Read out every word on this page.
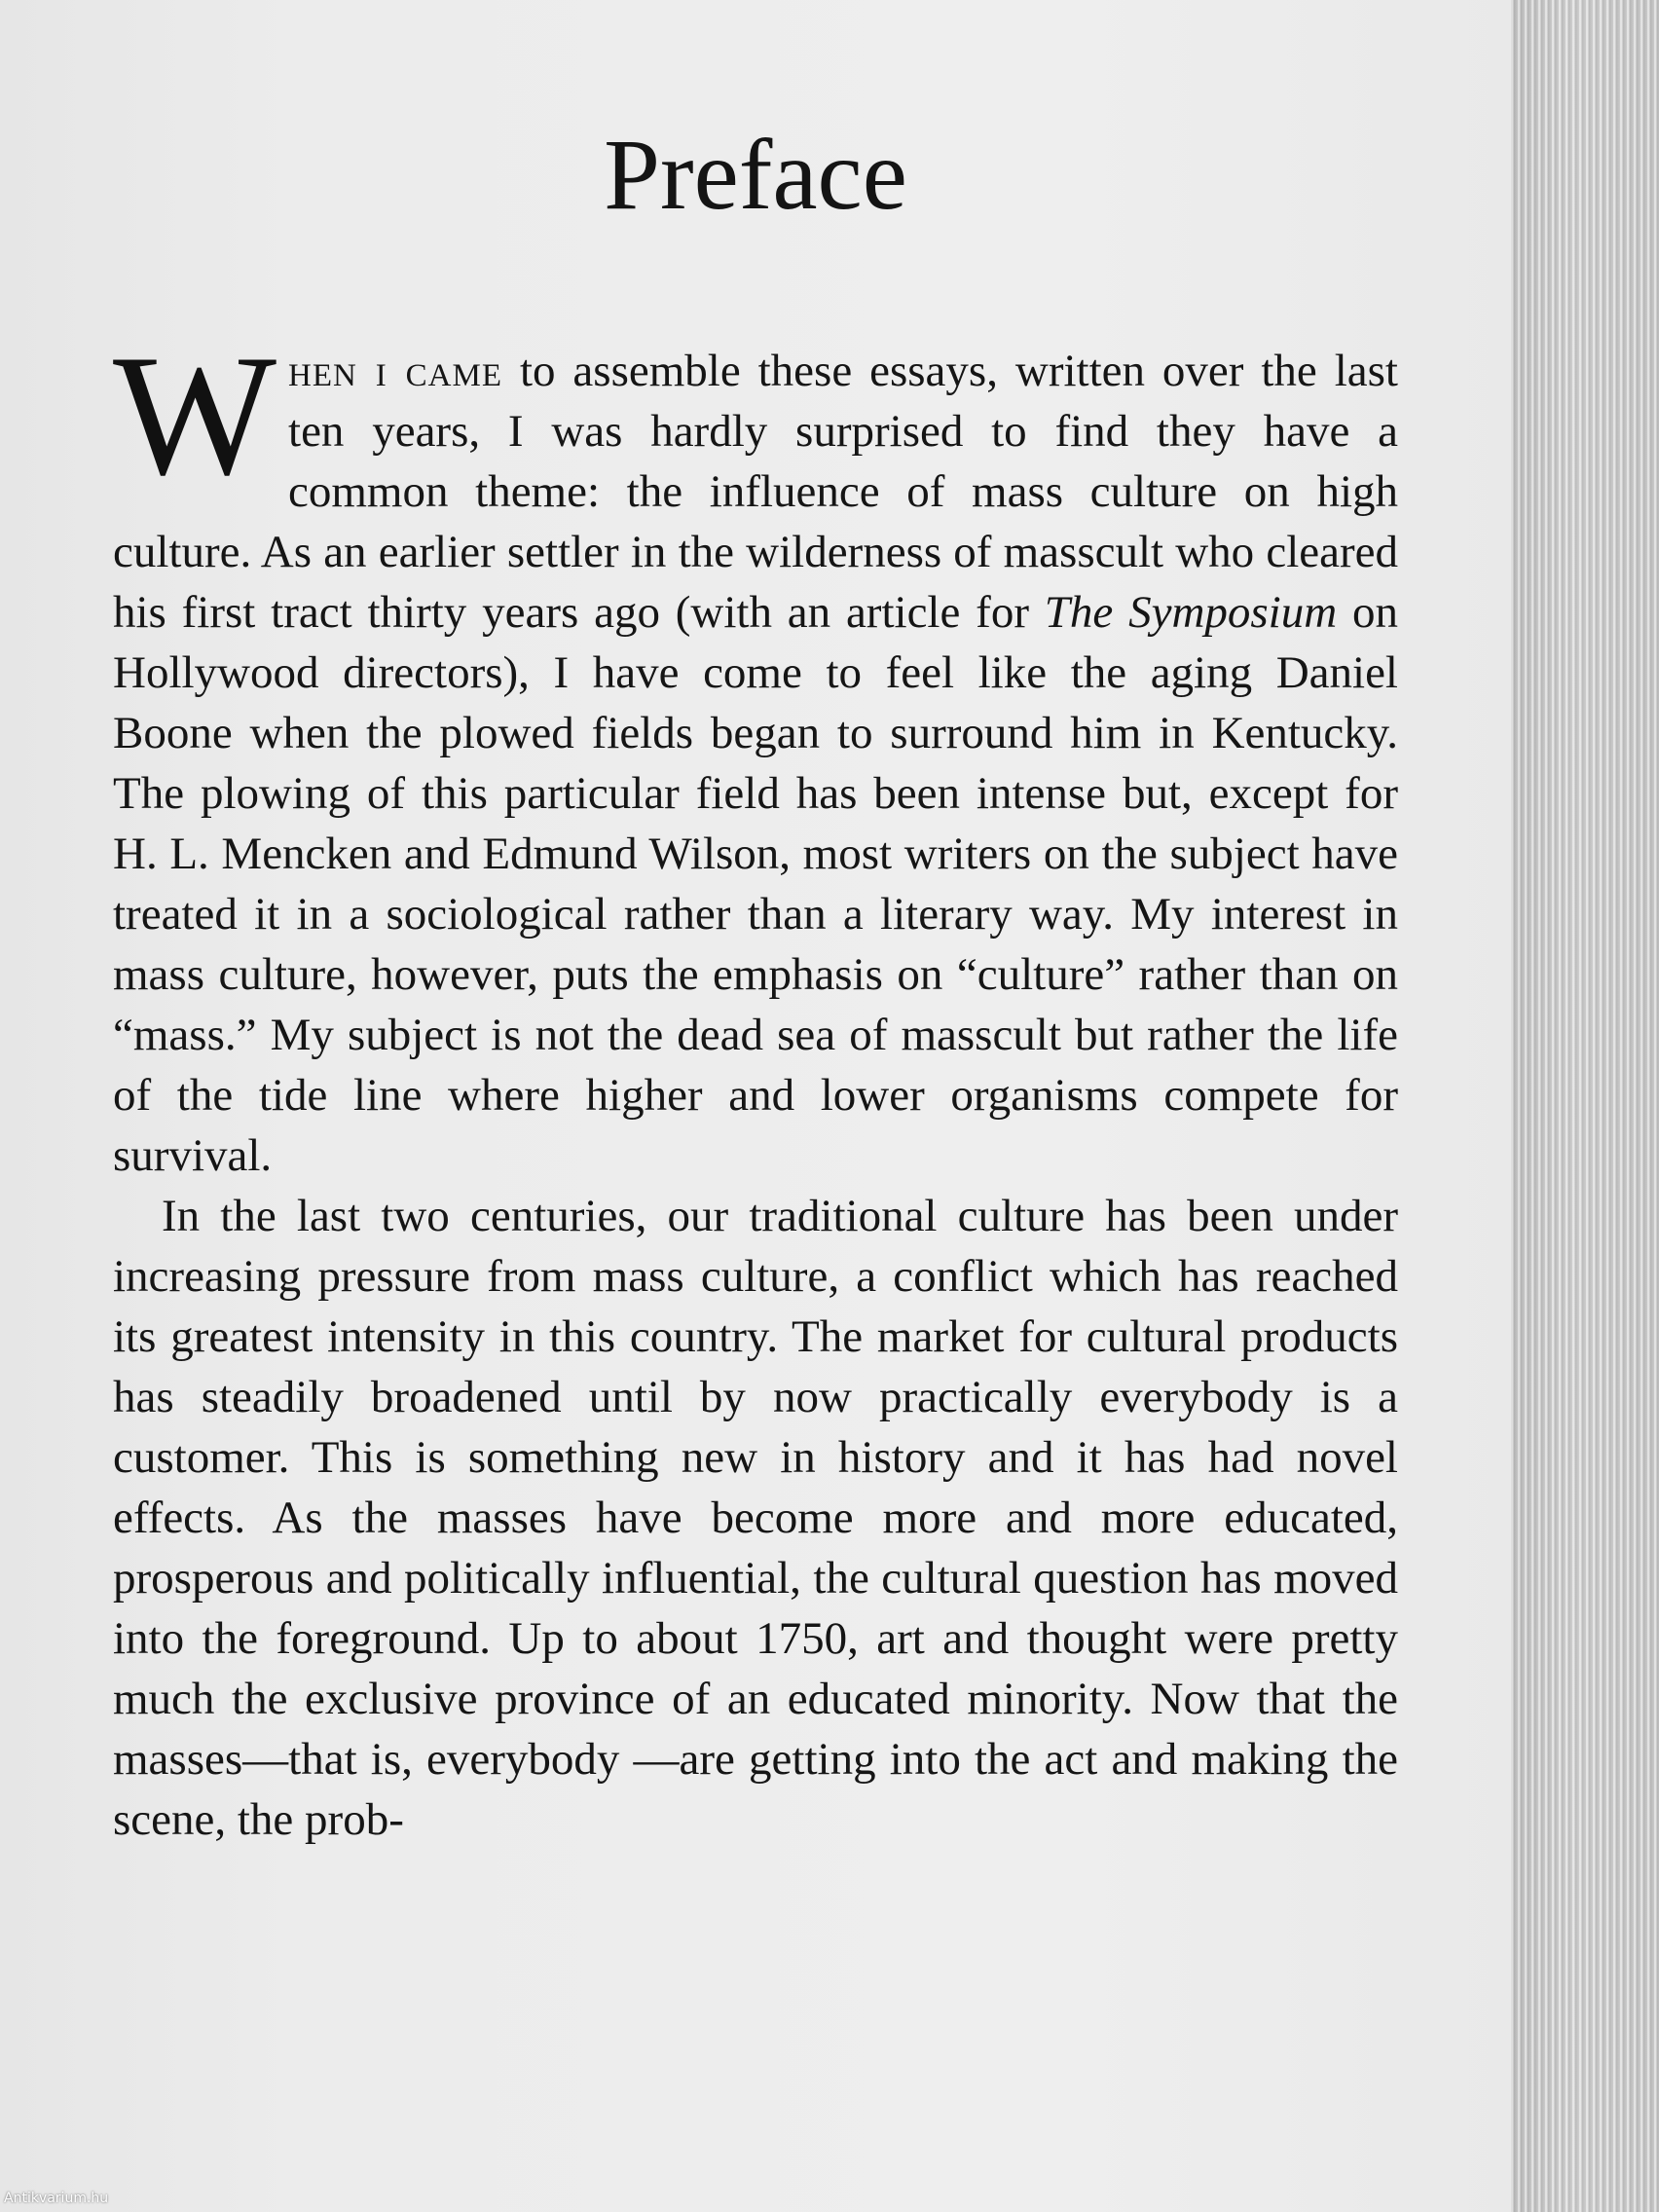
Preface

When i came to assemble these essays, written over the last ten years, I was hardly surprised to find they have a common theme: the influence of mass culture on high culture. As an earlier settler in the wilderness of masscult who cleared his first tract thirty years ago (with an article for The Symposium on Hollywood directors), I have come to feel like the aging Daniel Boone when the plowed fields began to surround him in Kentucky. The plowing of this particular field has been intense but, except for H. L. Mencken and Edmund Wilson, most writers on the subject have treated it in a sociological rather than a literary way. My interest in mass culture, however, puts the emphasis on “culture” rather than on “mass.” My subject is not the dead sea of masscult but rather the life of the tide line where higher and lower organisms compete for survival.

In the last two centuries, our traditional culture has been under increasing pressure from mass culture, a conflict which has reached its greatest intensity in this country. The market for cultural products has steadily broadened until by now practically everybody is a customer. This is something new in history and it has had novel effects. As the masses have become more and more educated, prosperous and politically influential, the cultural question has moved into the foreground. Up to about 1750, art and thought were pretty much the exclusive province of an educated minority. Now that the masses—that is, everybody —are getting into the act and making the scene, the prob-

Antikvarium.hu
